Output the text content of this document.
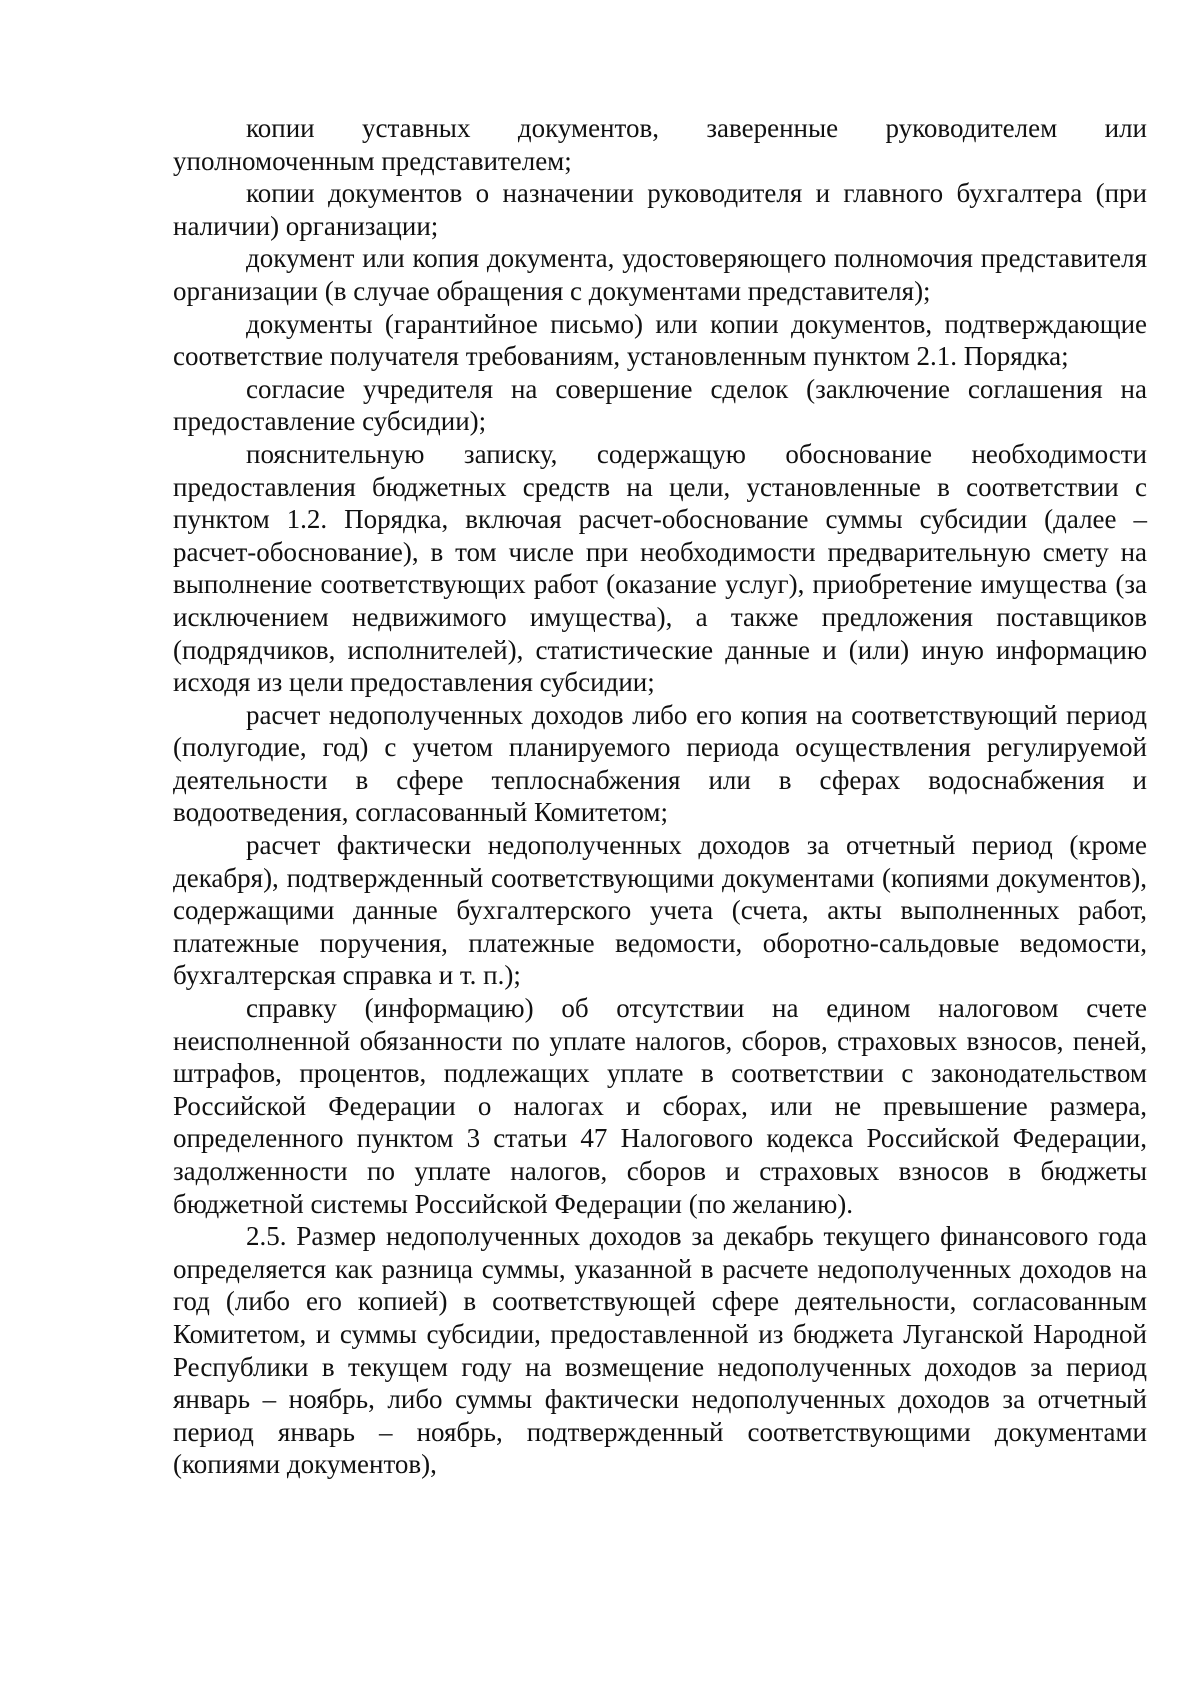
копии уставных документов, заверенные руководителем или уполномоченным представителем;

копии документов о назначении руководителя и главного бухгалтера (при наличии) организации;

документ или копия документа, удостоверяющего полномочия представителя организации (в случае обращения с документами представителя);

документы (гарантийное письмо) или копии документов, подтверждающие соответствие получателя требованиям, установленным пунктом 2.1. Порядка;

согласие учредителя на совершение сделок (заключение соглашения на предоставление субсидии);

пояснительную записку, содержащую обоснование необходимости предоставления бюджетных средств на цели, установленные в соответствии с пунктом 1.2. Порядка, включая расчет-обоснование суммы субсидии (далее – расчет-обоснование), в том числе при необходимости предварительную смету на выполнение соответствующих работ (оказание услуг), приобретение имущества (за исключением недвижимого имущества), а также предложения поставщиков (подрядчиков, исполнителей), статистические данные и (или) иную информацию исходя из цели предоставления субсидии;

расчет недополученных доходов либо его копия на соответствующий период (полугодие, год) с учетом планируемого периода осуществления регулируемой деятельности в сфере теплоснабжения или в сферах водоснабжения и водоотведения, согласованный Комитетом;

расчет фактически недополученных доходов за отчетный период (кроме декабря), подтвержденный соответствующими документами (копиями документов), содержащими данные бухгалтерского учета (счета, акты выполненных работ, платежные поручения, платежные ведомости, оборотно-сальдовые ведомости, бухгалтерская справка и т. п.);

справку (информацию) об отсутствии на едином налоговом счете неисполненной обязанности по уплате налогов, сборов, страховых взносов, пеней, штрафов, процентов, подлежащих уплате в соответствии с законодательством Российской Федерации о налогах и сборах, или не превышение размера, определенного пунктом 3 статьи 47 Налогового кодекса Российской Федерации, задолженности по уплате налогов, сборов и страховых взносов в бюджеты бюджетной системы Российской Федерации (по желанию).

2.5. Размер недополученных доходов за декабрь текущего финансового года определяется как разница суммы, указанной в расчете недополученных доходов на год (либо его копией) в соответствующей сфере деятельности, согласованным Комитетом, и суммы субсидии, предоставленной из бюджета Луганской Народной Республики в текущем году на возмещение недополученных доходов за период январь – ноябрь, либо суммы фактически недополученных доходов за отчетный период январь – ноябрь, подтвержденный соответствующими документами (копиями документов),
